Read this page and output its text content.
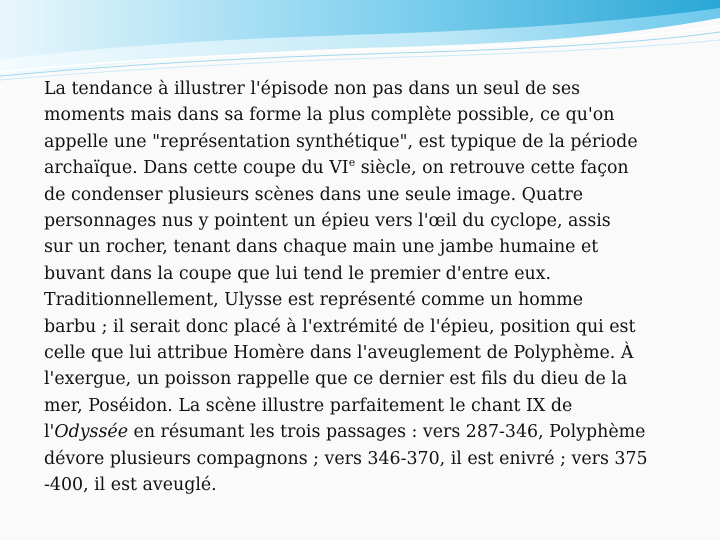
La tendance à illustrer l'épisode non pas dans un seul de ses
moments mais dans sa forme la plus complète possible, ce qu'on
appelle une "représentation synthétique", est typique de la période
archaïque. Dans cette coupe du VIe siècle, on retrouve cette façon
de condenser plusieurs scènes dans une seule image. Quatre
personnages nus y pointent un épieu vers l'œil du cyclope, assis
sur un rocher, tenant dans chaque main une jambe humaine et
buvant dans la coupe que lui tend le premier d'entre eux.
Traditionnellement, Ulysse est représenté comme un homme
barbu ; il serait donc placé à l'extrémité de l'épieu, position qui est
celle que lui attribue Homère dans l'aveuglement de Polyphème. À
l'exergue, un poisson rappelle que ce dernier est fils du dieu de la
mer, Poséidon. La scène illustre parfaitement le chant IX de
l'Odyssée en résumant les trois passages : vers 287-346, Polyphème
dévore plusieurs compagnons ; vers 346-370, il est enivré ; vers 375
-400, il est aveuglé.
